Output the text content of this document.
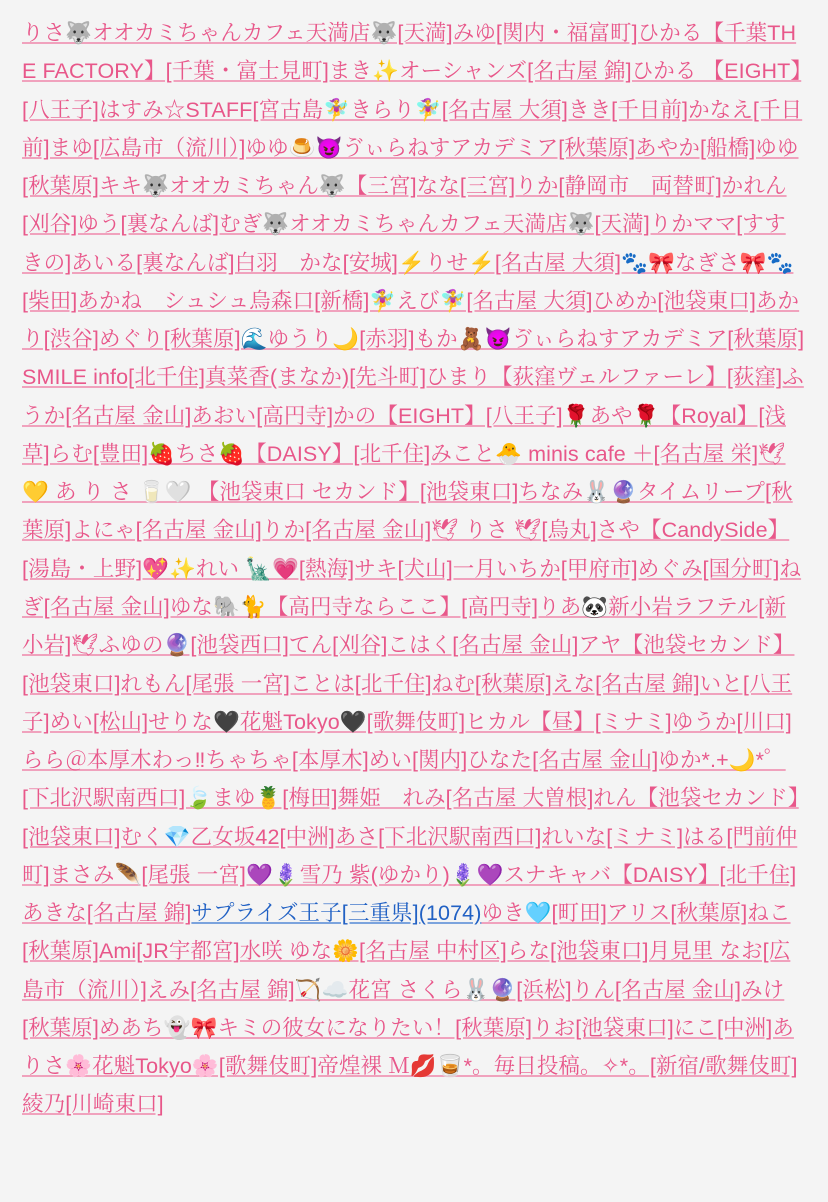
りさ🐺オオカミちゃんカフェ天満店🐺[天満]みゆ[関内・福富町]ひかる【千葉THE FACTORY】[千葉・富士見町]まき✨オーシャンズ[名古屋 錦]ひかる 【EIGHT】[八王子]はすみ☆STAFF[宮古島🧚‍♀️きらり🧚‍♀️[名古屋 大須]きき[千日前]かなえ[千日前]まゆ[広島市（流川）]ゆゆ🍮😈ゔぃらねすアカデミア[秋葉原]あやか[船橋]ゆゆ[秋葉原]キキ🐺オオカミちゃん🐺【三宮]なな[三宮]りか[静岡市　両替町]かれん[刈谷]ゆう[裏なんば]むぎ🐺オオカミちゃんカフェ天満店🐺[天満]りかママ[すすきの]あいる[裏なんば]白羽　かな[安城]⚡りせ⚡[名古屋 大須]🐾🎀なぎさ🎀🐾[柴田]あかね　シュシュ烏森口[新橋]🧚‍♀️えび🧚‍♀️[名古屋 大須]ひめか[池袋東口]あかり[渋谷]めぐり[秋葉原]🌊ゆうり🌙[赤羽]もか🧸😈ゔぃらねすアカデミア[秋葉原]SMILE info[北千住]真菜香(まなか)[先斗町]ひまり【荻窪ヴェルファーレ】[荻窪]ふうか[名古屋 金山]あおい[高円寺]かの【EIGHT】[八王子]🌹あや🌹【Royal】[浅草]らむ[豊田]🍓ちさ🍓【DAISY】[北千住]みこと🐣 minis cafe ＋[名古屋 栄]🕊💛 あ り さ 🥛🤍 【池袋東口 セカンド】[池袋東口]ちなみ🐰🔮タイムリープ[秋葉原]よにゃ[名古屋 金山]りか[名古屋 金山]🕊 りさ 🕊[烏丸]さや【CandySide】[湯島・上野]💖✨れい 🗽💗[熱海]サキ[犬山]一月いちか[甲府市]めぐみ[国分町]ねぎ[名古屋 金山]ゆな🐘🐈【高円寺ならここ】[高円寺]りあ🐼新小岩ラフテル[新小岩]🕊ふゆの🔮[池袋西口]てん[刈谷]こはく[名古屋 金山]アヤ【池袋セカンド】[池袋東口]れもん[尾張 一宮]ことは[北千住]ねむ[秋葉原]えな[名古屋 錦]いと[八王子]めい[松山]せりな🖤花魁Tokyo🖤[歌舞伎町]ヒカル【昼】[ミナミ]ゆうか[川口]らら＠本厚木わっ‼ちゃちゃ[本厚木]めい[関内]ひなた[名古屋 金山]ゆか*.+🌙*゜[下北沢駅南西口]🍃まゆ🍍[梅田]舞姫　れみ[名古屋 大曽根]れん【池袋セカンド】[池袋東口]むく💎乙女坂42[中洲]あさ[下北沢駅南西口]れいな[ミナミ]はる[門前仲町]まさみ🪶[尾張 一宮]💜🪻雪乃 紫(ゆかり)🪻💜スナキャバ【DAISY】[北千住]あきな[名古屋 錦]サプライズ王子[三重県](1074)ゆき🩵[町田]アリス[秋葉原]ねこ[秋葉原]Ami[JR宇都宮]水咲 ゆな🌼[名古屋 中村区]らな[池袋東口]月見里 なお[広島市（流川）]えみ[名古屋 錦]🏹☁️花宮 さくら🐰🔮[浜松]りん[名古屋 金山]みけ[秋葉原]めあち👻🎀キミの彼女になりたい！[秋葉原]りお[池袋東口]にこ[中洲]ありさ🌸花魁Tokyo🌸[歌舞伎町]帝煌裸 Ｍ💋🥃*。毎日投稿。✧*。[新宿/歌舞伎町]綾乃[川崎東口]
